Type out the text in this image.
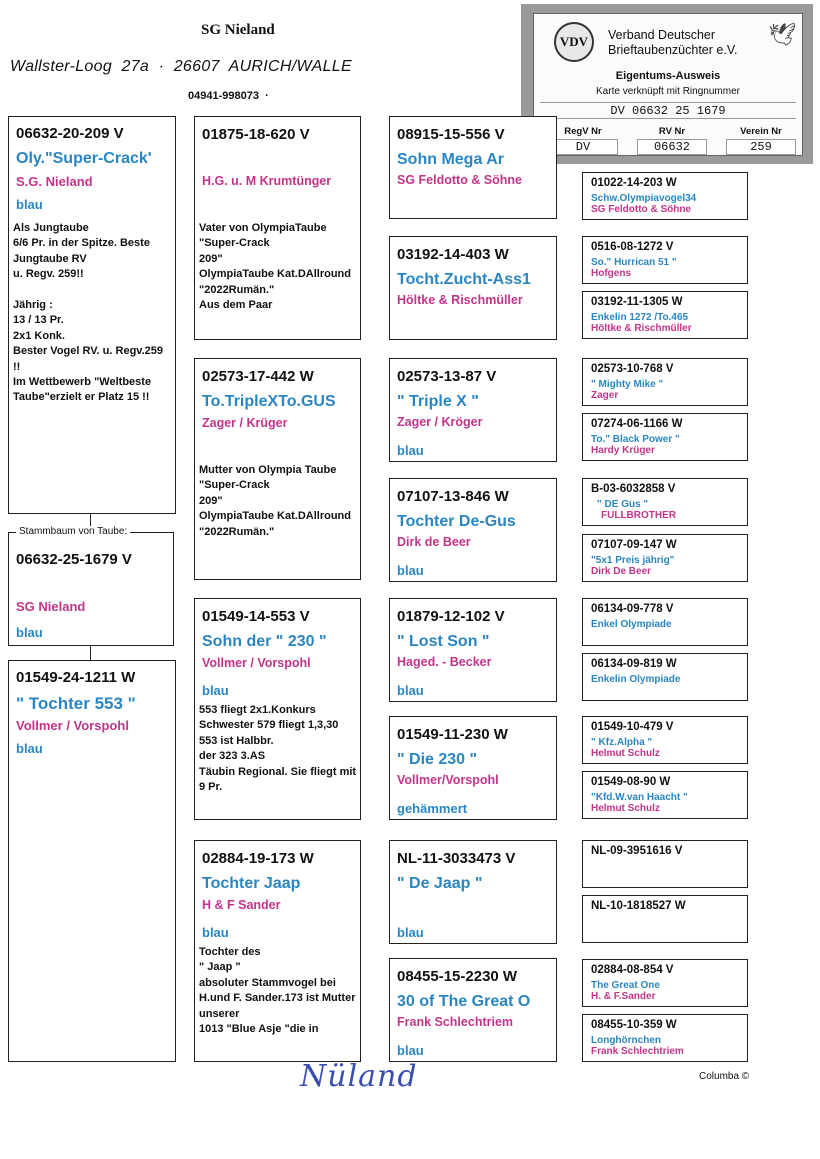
SG Nieland
Wallster-Loog  27a  ·  26607  AURICH/WALLE
04941-998073  ·
VDV	Verband Deutscher
Brieftaubenzüchter e.V.
🕊
Eigentums-Ausweis
Karte verknüpft mit Ringnummer
DV 06632 25 1679
RegV Nr
DV
RV Nr
06632
Verein Nr
259
06632-25-1679 V
SG Nieland
blau
Stammbaum von Taube:
06632-20-209 V
Oly."Super-Crack'
S.G. Nieland
blau
Als Jungtaube
6/6 Pr. in der Spitze. Beste Jungtaube RV
u. Regv. 259!!

Jährig :
13 / 13 Pr.
2x1 Konk.
Bester Vogel RV. u. Regv.259 !!
Im Wettbewerb "Weltbeste Taube"erzielt er Platz 15 !!
01549-24-1211 W
" Tochter 553 "
Vollmer / Vorspohl
blau
01875-18-620 V
H.G. u. M Krumtünger
Vater von OlympiaTaube
"Super-Crack
209"
OlympiaTaube Kat.DAllround "2022Rumän."
Aus dem Paar
02573-17-442 W
To.TripleXTo.GUS
Zager / Krüger
Mutter von Olympia Taube
"Super-Crack
209"
OlympiaTaube Kat.DAllround "2022Rumän."
01549-14-553 V
Sohn der " 230 "
Vollmer / Vorspohl
blau
553 fliegt 2x1.Konkurs Schwester 579 fliegt 1,3,30
553 ist Halbbr.
der 323 3.AS
Täubin Regional. Sie fliegt mit 9 Pr.
02884-19-173 W
Tochter Jaap
H & F Sander
blau
Tochter des
" Jaap "
absoluter Stammvogel bei H.und F. Sander.173 ist Mutter unserer
1013 "Blue Asje "die in
08915-15-556 V
Sohn Mega Ar
SG Feldotto & Söhne
03192-14-403 W
Tocht.Zucht-Ass1
Höltke & Rischmüller
02573-13-87 V
" Triple X "
Zager / Kröger
blau
07107-13-846 W
Tochter De-Gus
Dirk de Beer
blau
01879-12-102 V
" Lost Son "
Haged. - Becker
blau
01549-11-230 W
" Die 230 "
Vollmer/Vorspohl
gehämmert
NL-11-3033473 V
" De Jaap "
blau
08455-15-2230 W
30 of The Great O
Frank Schlechtriem
blau
01022-14-203 W
Schw.Olympiavogel34
SG Feldotto & Söhne
0516-08-1272 V
So." Hurrican 51 "
Hofgens
03192-11-1305 W
Enkelin 1272 /To.465
Höltke & Rischmüller
02573-10-768 V
" Mighty Mike "
Zager
07274-06-1166 W
To." Black Power "
Hardy Krüger
B-03-6032858 V
" DE Gus "
FULLBROTHER
07107-09-147 W
"5x1 Preis jährig"
Dirk De Beer
06134-09-778 V
Enkel Olympiade
06134-09-819 W
Enkelin Olympiade
01549-10-479 V
" Kfz.Alpha "
Helmut Schulz
01549-08-90 W
"Kfd.W.van Haacht "
Helmut Schulz
NL-09-3951616 V
NL-10-1818527 W
02884-08-854 V
The Great One
H. & F.Sander
08455-10-359 W
Longhörnchen
Frank Schlechtriem
Nüland	Columba ©
